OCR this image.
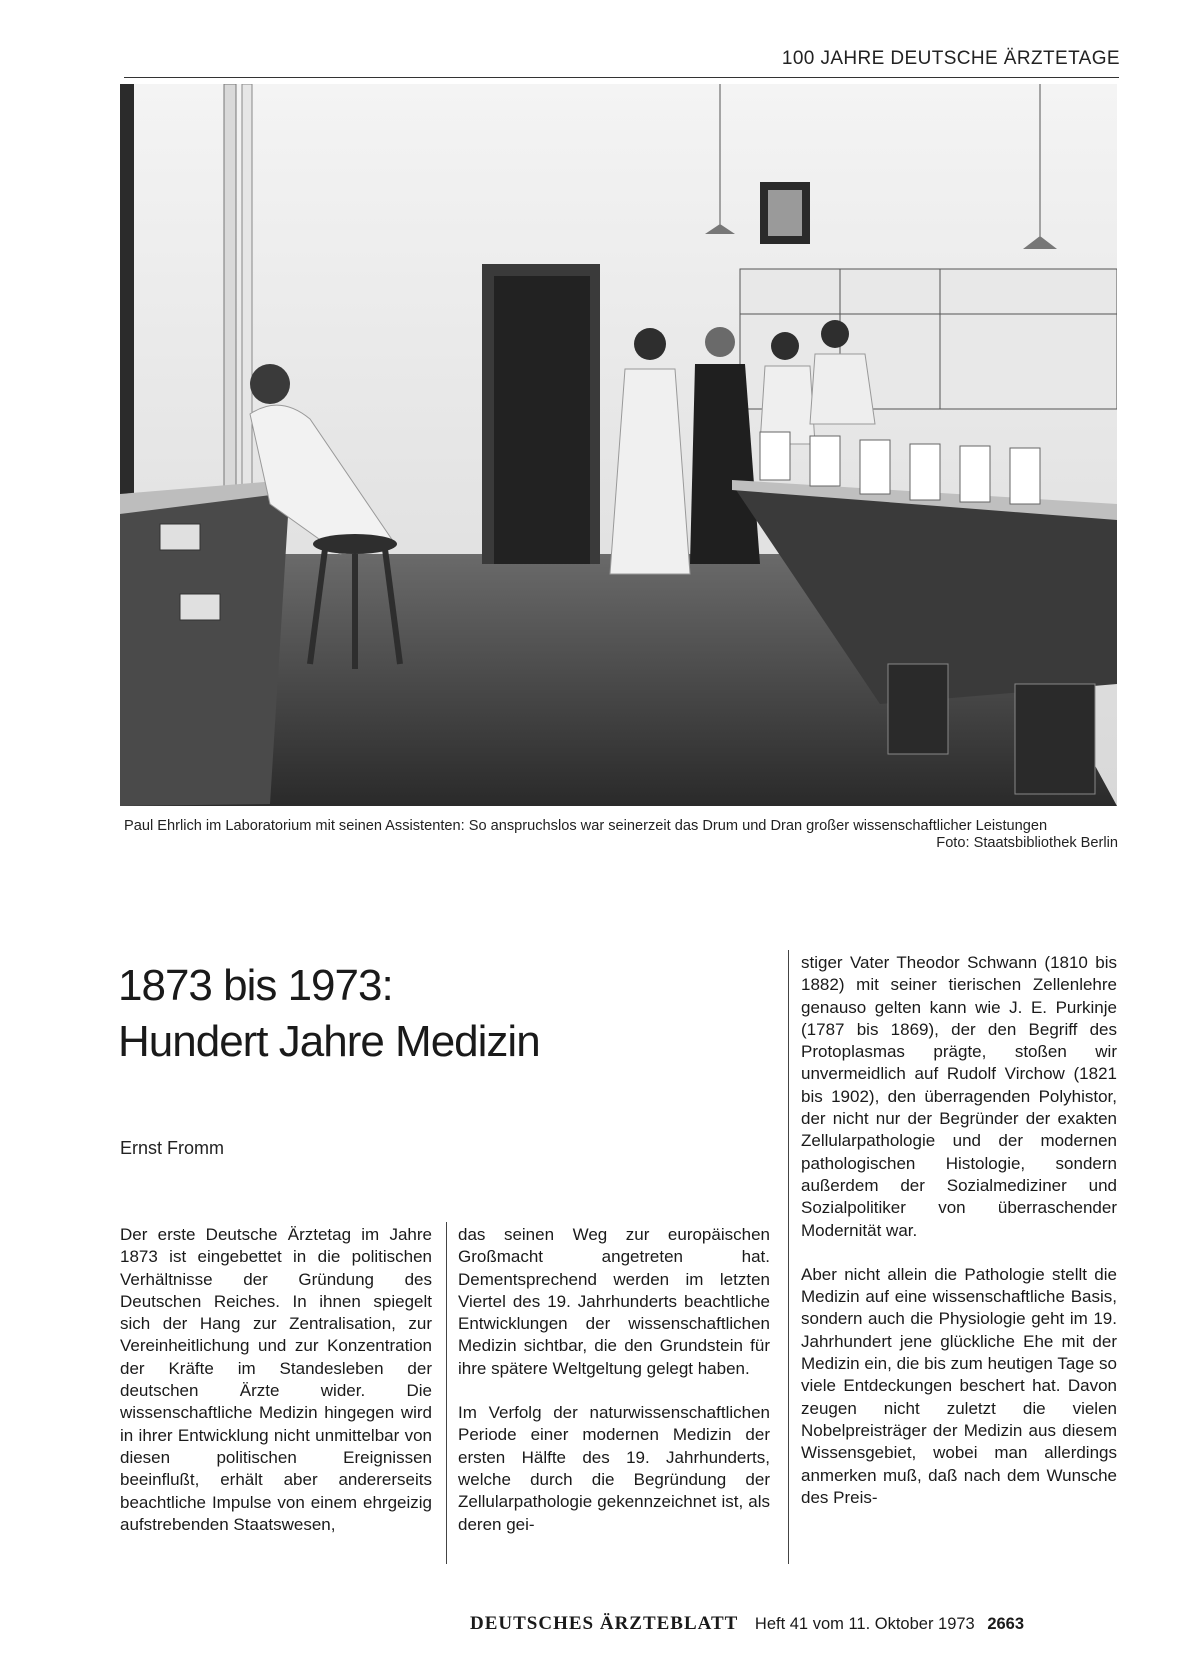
100 JAHRE DEUTSCHE ÄRZTETAGE
Paul Ehrlich im Laboratorium mit seinen Assistenten: So anspruchslos war seinerzeit das Drum und Dran großer wissenschaftlicher Leistungen
Foto: Staatsbibliothek Berlin
1873 bis 1973:
Hundert Jahre Medizin
Ernst Fromm

Der erste Deutsche Ärztetag im Jahre 1873 ist eingebettet in die politischen Verhältnisse der Gründung des Deutschen Reiches. In ihnen spiegelt sich der Hang zur Zentralisation, zur Vereinheitlichung und zur Konzentration der Kräfte im Standesleben der deutschen Ärzte wider. Die wissenschaftliche Medizin hingegen wird in ihrer Entwicklung nicht unmittelbar von diesen politischen Ereignissen beeinflußt, erhält aber andererseits beachtliche Impulse von einem ehrgeizig aufstrebenden Staatswesen,

das seinen Weg zur europäischen Großmacht angetreten hat. Dementsprechend werden im letzten Viertel des 19. Jahrhunderts beachtliche Entwicklungen der wissenschaftlichen Medizin sichtbar, die den Grundstein für ihre spätere Weltgeltung gelegt haben.

Im Verfolg der naturwissenschaftlichen Periode einer modernen Medizin der ersten Hälfte des 19. Jahrhunderts, welche durch die Begründung der Zellularpathologie gekennzeichnet ist, als deren gei-

stiger Vater Theodor Schwann (1810 bis 1882) mit seiner tierischen Zellenlehre genauso gelten kann wie J. E. Purkinje (1787 bis 1869), der den Begriff des Protoplasmas prägte, stoßen wir unvermeidlich auf Rudolf Virchow (1821 bis 1902), den überragenden Polyhistor, der nicht nur der Begründer der exakten Zellularpathologie und der modernen pathologischen Histologie, sondern außerdem der Sozialmediziner und Sozialpolitiker von überraschender Modernität war.

Aber nicht allein die Pathologie stellt die Medizin auf eine wissenschaftliche Basis, sondern auch die Physiologie geht im 19. Jahrhundert jene glückliche Ehe mit der Medizin ein, die bis zum heutigen Tage so viele Entdeckungen beschert hat. Davon zeugen nicht zuletzt die vielen Nobelpreisträger der Medizin aus diesem Wissensgebiet, wobei man allerdings anmerken muß, daß nach dem Wunsche des Preis-

DEUTSCHES ÄRZTEBLATT Heft 41 vom 11. Oktober 1973 2663
